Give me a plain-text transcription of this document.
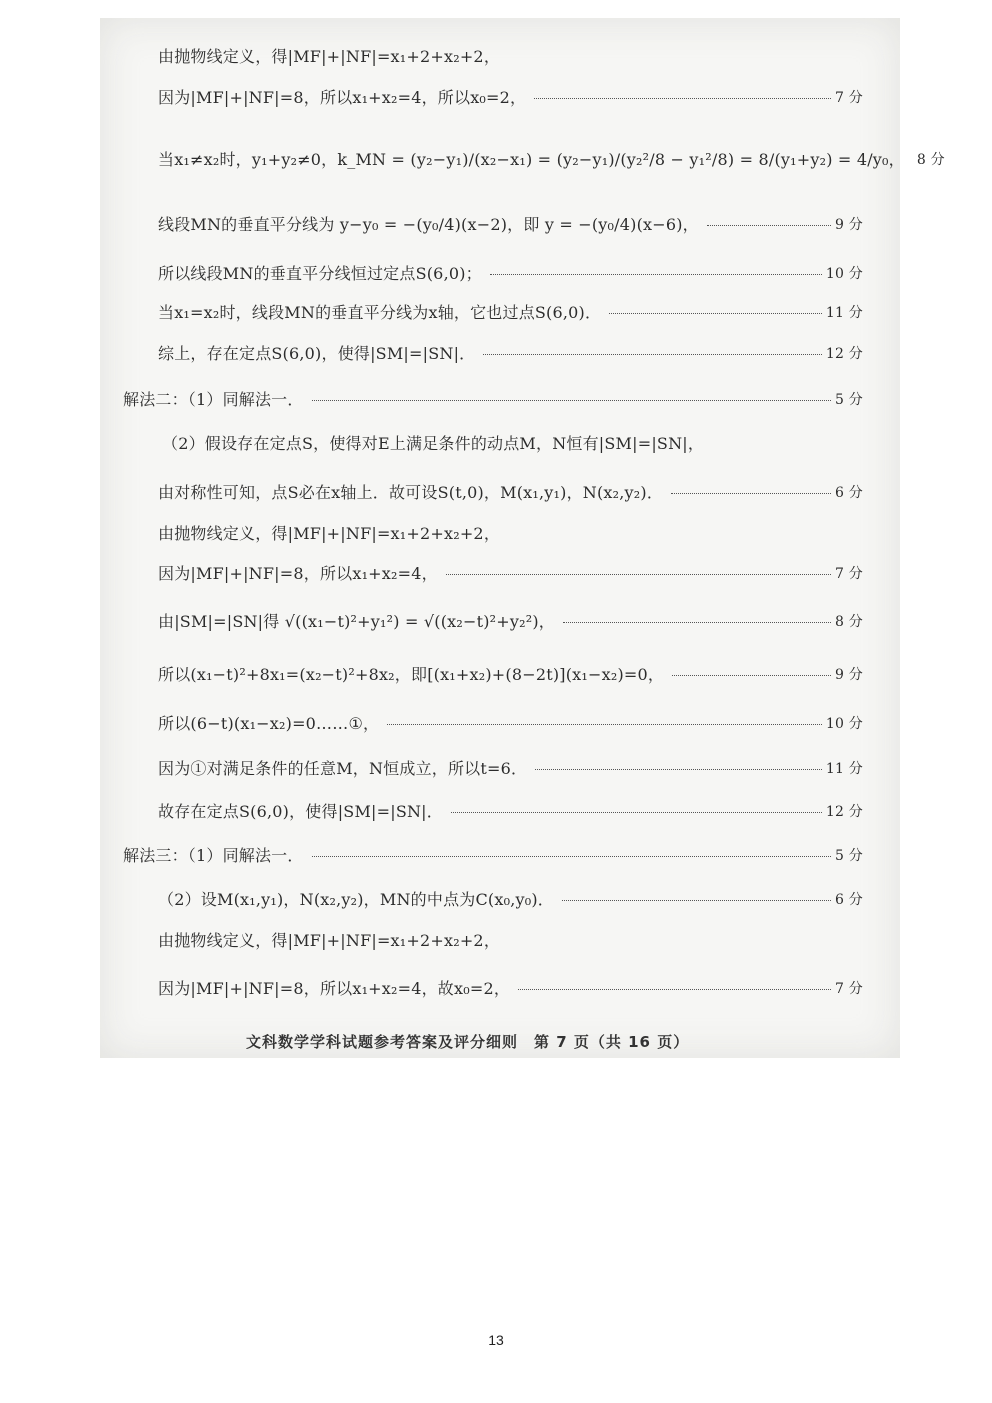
由抛物线定义，得|MF|+|NF|=x₁+2+x₂+2，
因为|MF|+|NF|=8，所以x₁+x₂=4，所以x₀=2，	7 分
当x₁≠x₂时，y₁+y₂≠0，k_MN = (y₂−y₁)/(x₂−x₁) = (y₂−y₁)/(y₂²/8 − y₁²/8) = 8/(y₁+y₂) = 4/y₀， 8 分
线段MN的垂直平分线为 y−y₀ = −(y₀/4)(x−2)，即 y = −(y₀/4)(x−6)，	9 分
所以线段MN的垂直平分线恒过定点S(6,0)；	10 分
当x₁=x₂时，线段MN的垂直平分线为x轴，它也过点S(6,0)．	11 分
综上，存在定点S(6,0)，使得|SM|=|SN|．	12 分
解法二：（1）同解法一．	5 分
（2）假设存在定点S，使得对E上满足条件的动点M，N恒有|SM|=|SN|，
由对称性可知，点S必在x轴上．故可设S(t,0)，M(x₁,y₁)，N(x₂,y₂)．	6 分
由抛物线定义，得|MF|+|NF|=x₁+2+x₂+2，
因为|MF|+|NF|=8，所以x₁+x₂=4，	7 分
由|SM|=|SN|得 √((x₁−t)²+y₁²) = √((x₂−t)²+y₂²)，	8 分
所以(x₁−t)²+8x₁=(x₂−t)²+8x₂，即[(x₁+x₂)+(8−2t)](x₁−x₂)=0，	9 分
所以(6−t)(x₁−x₂)=0……①，	10 分
因为①对满足条件的任意M，N恒成立，所以t=6．	11 分
故存在定点S(6,0)，使得|SM|=|SN|．	12 分
解法三：（1）同解法一．	5 分
（2）设M(x₁,y₁)，N(x₂,y₂)，MN的中点为C(x₀,y₀)．	6 分
由抛物线定义，得|MF|+|NF|=x₁+2+x₂+2，
因为|MF|+|NF|=8，所以x₁+x₂=4，故x₀=2，	7 分
文科数学学科试题参考答案及评分细则　第 7 页（共 16 页）
13
